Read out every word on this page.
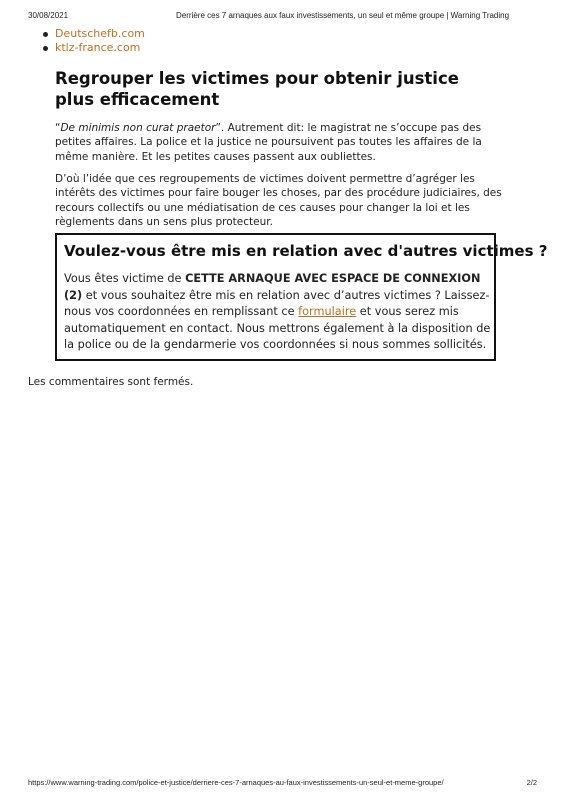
30/08/2021	Derrière ces 7 arnaques aux faux investissements, un seul et même groupe | Warning Trading
Deutschefb.com
ktlz-france.com
Regrouper les victimes pour obtenir justice plus efficacement

“De minimis non curat praetor”. Autrement dit: le magistrat ne s’occupe pas des petites affaires. La police et la justice ne poursuivent pas toutes les affaires de la même manière. Et les petites causes passent aux oubliettes.

D’où l’idée que ces regroupements de victimes doivent permettre d’agréger les intérêts des victimes pour faire bouger les choses, par des procédure judiciaires, des recours collectifs ou une médiatisation de ces causes pour changer la loi et les règlements dans un sens plus protecteur.

Voulez-vous être mis en relation avec d'autres victimes ?

Vous êtes victime de CETTE ARNAQUE AVEC ESPACE DE CONNEXION (2) et vous souhaitez être mis en relation avec d’autres victimes ? Laissez-nous vos coordonnées en remplissant ce formulaire et vous serez mis automatiquement en contact. Nous mettrons également à la disposition de la police ou de la gendarmerie vos coordonnées si nous sommes sollicités.

Les commentaires sont fermés.

https://www.warning-trading.com/police-et-justice/derriere-ces-7-arnaques-au-faux-investissements-un-seul-et-meme-groupe/	2/2
